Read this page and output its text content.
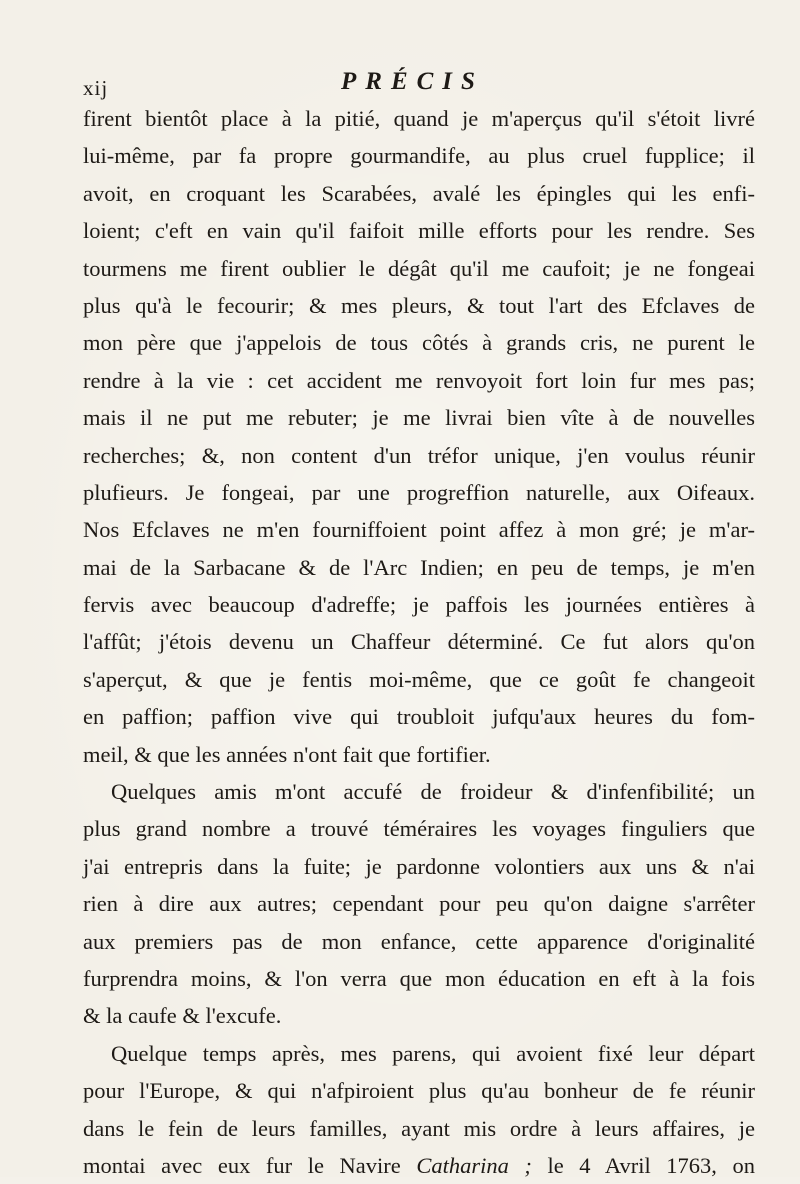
xij	PRÉCIS
firent bientôt place à la pitié, quand je m'aperçus qu'il s'étoit livré
lui-même, par fa propre gourmandife, au plus cruel fupplice; il
avoit, en croquant les Scarabées, avalé les épingles qui les enfi-
loient; c'eft en vain qu'il faifoit mille efforts pour les rendre. Ses
tourmens me firent oublier le dégât qu'il me caufoit; je ne fongeai
plus qu'à le fecourir; & mes pleurs, & tout l'art des Efclaves de
mon père que j'appelois de tous côtés à grands cris, ne purent le
rendre à la vie : cet accident me renvoyoit fort loin fur mes pas;
mais il ne put me rebuter; je me livrai bien vîte à de nouvelles
recherches; &, non content d'un tréfor unique, j'en voulus réunir
plufieurs. Je fongeai, par une progreffion naturelle, aux Oifeaux.
Nos Efclaves ne m'en fourniffoient point affez à mon gré; je m'ar-
mai de la Sarbacane & de l'Arc Indien; en peu de temps, je m'en
fervis avec beaucoup d'adreffe; je paffois les journées entières à
l'affût; j'étois devenu un Chaffeur déterminé. Ce fut alors qu'on
s'aperçut, & que je fentis moi-même, que ce goût fe changeoit
en paffion; paffion vive qui troubloit jufqu'aux heures du fom-
meil, & que les années n'ont fait que fortifier.
Quelques amis m'ont accufé de froideur & d'infenfibilité; un
plus grand nombre a trouvé téméraires les voyages finguliers que
j'ai entrepris dans la fuite; je pardonne volontiers aux uns & n'ai
rien à dire aux autres; cependant pour peu qu'on daigne s'arrêter
aux premiers pas de mon enfance, cette apparence d'originalité
furprendra moins, & l'on verra que mon éducation en eft à la fois
& la caufe & l'excufe.
Quelque temps après, mes parens, qui avoient fixé leur départ
pour l'Europe, & qui n'afpiroient plus qu'au bonheur de fe réunir
dans le fein de leurs familles, ayant mis ordre à leurs affaires, je
montai avec eux fur le Navire Catharina ; le 4 Avril 1763, on
